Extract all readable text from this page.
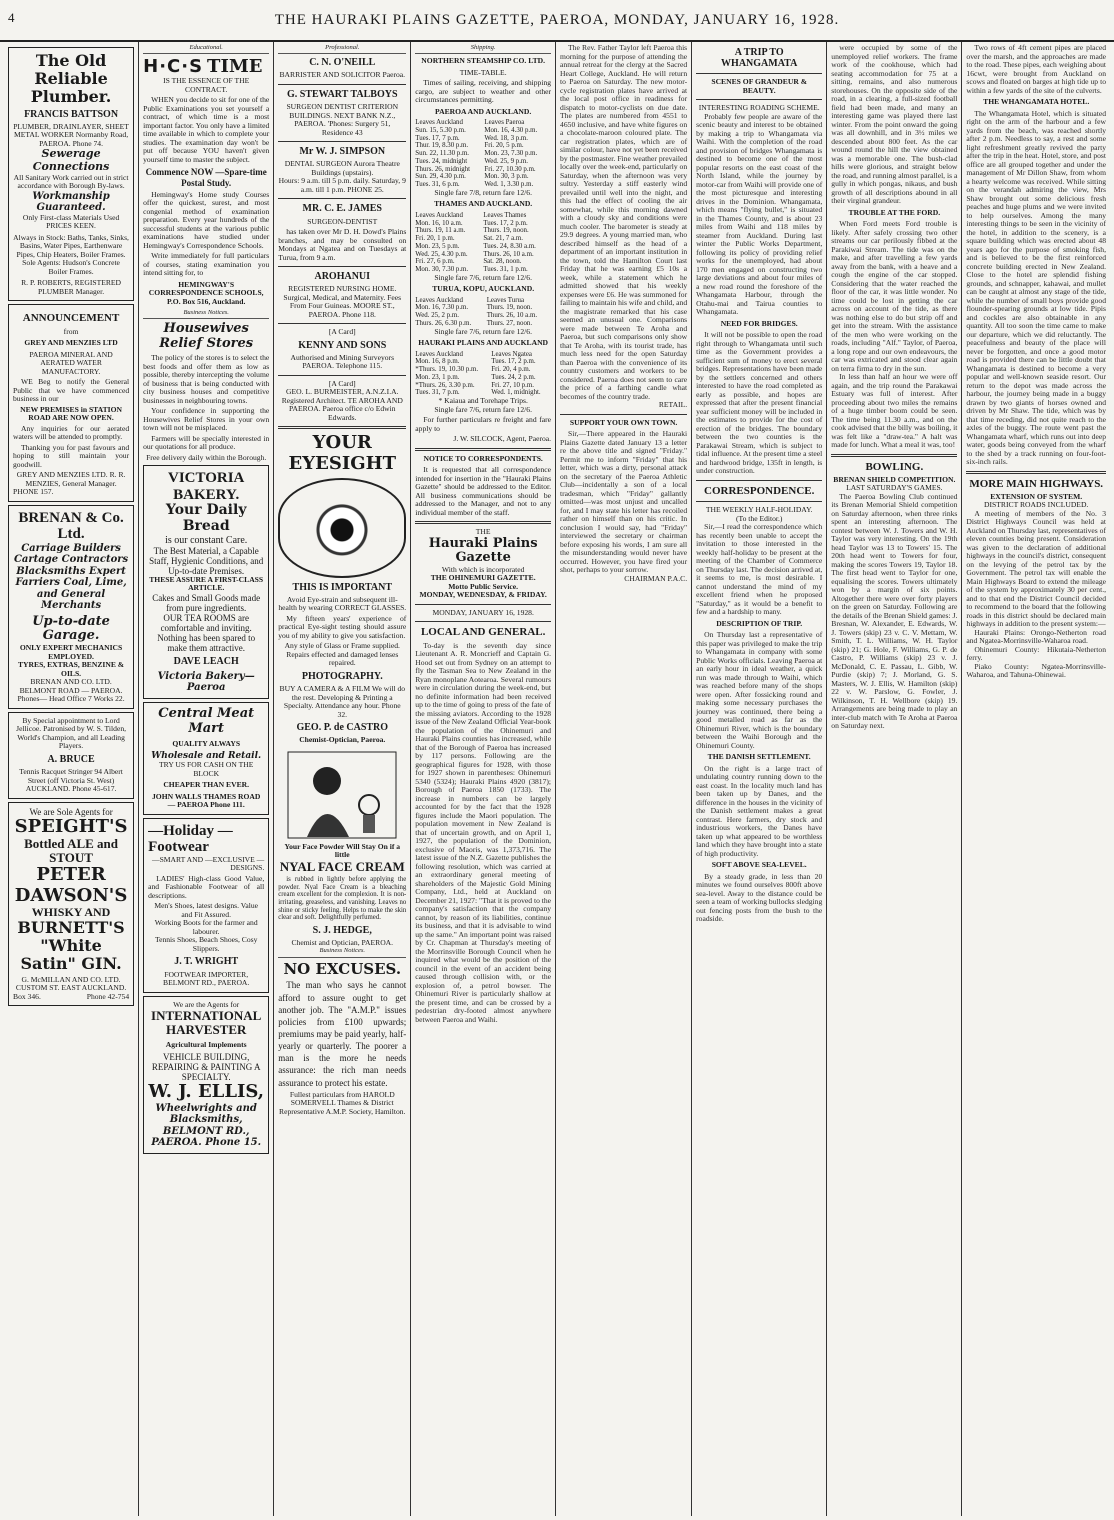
4	THE HAURAKI PLAINS GAZETTE, PAEROA, MONDAY, JANUARY 16, 1928.
The Old Reliable Plumber.
FRANCIS BATTSON
PLUMBER, DRAINLAYER, SHEET METAL WORKER Normanby Road, PAEROA. Phone 74.
Sewerage Connections
All Sanitary Work carried out in strict accordance with Borough By-laws.
Workmanship Guaranteed.
Only First-class Materials Used PRICES KEEN.
Always in Stock: Baths, Tanks, Sinks, Basins, Water Pipes, Earthenware Pipes, Chip Heaters, Boiler Frames. Sole Agents: Hudson's Concrete Boiler Frames.
R. P. ROBERTS, REGISTERED PLUMBER Manager.
ANNOUNCEMENT
from
GREY AND MENZIES LTD
PAEROA MINERAL AND AERATED WATER MANUFACTORY.
WE Beg to notify the General Public that we have commenced business in our
NEW PREMISES in STATION ROAD ARE NOW OPEN.
Any inquiries for our aerated waters will be attended to promptly.
Thanking you for past favours and hoping to still maintain your goodwill.
GREY AND MENZIES LTD. R. R. MENZIES, General Manager.
PHONE 157.
BRENAN & Co. Ltd.
Carriage Builders Cartage Contractors Blacksmiths Expert Farriers Coal, Lime, and General Merchants
Up-to-date Garage.
ONLY EXPERT MECHANICS EMPLOYED.
TYRES, EXTRAS, BENZINE & OILS.
BRENAN AND CO. LTD. BELMONT ROAD — PAEROA. Phones— Head Office 7 Works 22.
By Special appointment to Lord Jellicoe. Patronised by W. S. Tilden, World's Champion, and all Leading Players.
A. BRUCE
Tennis Racquet Stringer 94 Albert Street (off Victoria St. West) AUCKLAND. Phone 45-617.
We are Sole Agents for
SPEIGHT'S
Bottled ALE and STOUT
PETER DAWSON'S
WHISKY AND
BURNETT'S "White Satin" GIN.
G. McMILLAN AND CO. LTD. CUSTOM ST. EAST AUCKLAND.
Box 346.	Phone 42-754
Educational.
H·C·S TIME
IS THE ESSENCE OF THE CONTRACT.
WHEN you decide to sit for one of the Public Examinations you set yourself a contract, of which time is a most important factor. You only have a limited time available in which to complete your studies. The examination day won't be put off because YOU haven't given yourself time to master the subject.
Commence NOW —Spare-time Postal Study.
Hemingway's Home study Courses offer the quickest, surest, and most congenial method of examination preparation. Every year hundreds of the successful students at the various public examinations have studied under Hemingway's Correspondence Schools.
Write immediately for full particulars of courses, stating examination you intend sitting for, to
HEMINGWAY'S CORRESPONDENCE SCHOOLS, P.O. Box 516, Auckland.
Business Notices.
Housewives Relief Stores
The policy of the stores is to select the best foods and offer them as low as possible, thereby intercepting the volume of business that is being conducted with city business houses and competitive businesses in neighbouring towns.
Your confidence in supporting the Housewives Relief Stores in your own town will not be misplaced.
Farmers will be specially interested in our quotations for all produce.
Free delivery daily within the Borough.
VICTORIA BAKERY.
Your Daily Bread
is our constant Care.
The Best Material, a Capable Staff, Hygienic Conditions, and Up-to-date Premises.
THESE ASSURE A FIRST-CLASS ARTICLE.
Cakes and Small Goods made from pure ingredients.
OUR TEA ROOMS are comfortable and inviting. Nothing has been spared to make them attractive.
DAVE LEACH
Victoria Bakery—Paeroa
Central Meat Mart
QUALITY ALWAYS
Wholesale and Retail.
TRY US FOR CASH ON THE BLOCK
CHEAPER THAN EVER.
JOHN WALLS THAMES ROAD — PAEROA Phone 111.
—Holiday —Footwear
—SMART AND —EXCLUSIVE —DESIGNS.
LADIES' High-class Good Value, and Fashionable Footwear of all descriptions.
Men's Shoes, latest designs. Value and Fit Assured.
Working Boots for the farmer and labourer.
Tennis Shoes, Beach Shoes, Cosy Slippers.
J. T. WRIGHT
FOOTWEAR IMPORTER, BELMONT RD., PAEROA.
We are the Agents for
INTERNATIONAL HARVESTER
Agricultural Implements
VEHICLE BUILDING, REPAIRING & PAINTING A SPECIALTY.
W. J. ELLIS,
Wheelwrights and Blacksmiths, BELMONT RD., PAEROA. Phone 15.
Professional.
C. N. O'NEILL
BARRISTER AND SOLICITOR Paeroa.
G. STEWART TALBOYS
SURGEON DENTIST CRITERION BUILDINGS. NEXT BANK N.Z., PAEROA. 'Phones: Surgery 51, Residence 43
Mr W. J. SIMPSON
DENTAL SURGEON Aurora Theatre Buildings (upstairs).
Hours: 9 a.m. till 5 p.m. daily. Saturday, 9 a.m. till 1 p.m. PHONE 25.
MR. C. E. JAMES
SURGEON-DENTIST
has taken over Mr D. H. Dowd's Plains branches, and may be consulted on Mondays at Ngatea and on Tuesdays at Turua, from 9 a.m.
AROHANUI
REGISTERED NURSING HOME. Surgical, Medical, and Maternity. Fees From Four Guineas. MOORE ST., PAEROA. Phone 118.
[A Card]
KENNY AND SONS
Authorised and Mining Surveyors PAEROA. Telephone 115.
[A Card]
GEO. L. BURMEISTER, A.N.Z.I.A. Registered Architect. TE AROHA AND PAEROA. Paeroa office c/o Edwin Edwards.
YOUR EYESIGHT
THIS IS IMPORTANT
Avoid Eye-strain and subsequent ill-health by wearing CORRECT GLASSES.
My fifteen years' experience of practical Eye-sight testing should assure you of my ability to give you satisfaction.
Any style of Glass or Frame supplied. Repairs effected and damaged lenses repaired.
PHOTOGRAPHY.
BUY A CAMERA & A FILM We will do the rest. Developing & Printing a Specialty. Attendance any hour. Phone 32.
GEO. P. de CASTRO
Chemist-Optician, Paeroa.
Your Face Powder Will Stay On if a little
NYAL FACE CREAM
is rubbed in lightly before applying the powder. Nyal Face Cream is a bleaching cream excellent for the complexion. It is non-irritating, greaseless, and vanishing. Leaves no shine or sticky feeling. Helps to make the skin clear and soft. Delightfully perfumed.
S. J. HEDGE,
Chemist and Optician, PAEROA.
Business Notices.
NO EXCUSES.
The man who says he cannot afford to assure ought to get another job. The "A.M.P." issues policies from £100 upwards; premiums may be paid yearly, half-yearly or quarterly. The poorer a man is the more he needs assurance: the rich man needs assurance to protect his estate.
Fullest particulars from HAROLD SOMERVELL Thames & District Representative A.M.P. Society, Hamilton.
Shipping.
NORTHERN STEAMSHIP CO. LTD.
TIME-TABLE.
Times of sailing, receiving, and shipping cargo, are subject to weather and other circumstances permitting.
PAEROA AND AUCKLAND.
Leaves Auckland	Leaves Paeroa
Sun. 15, 5.30 p.m.	Mon. 16, 4.30 p.m.
Tues. 17, 7 p.m.	Wed. 18, 3 p.m.
Thur. 19, 8.30 p.m.	Fri. 20, 5 p.m.
Sun. 22, 11.30 p.m.	Mon. 23, 7.30 p.m.
Tues. 24, midnight	Wed. 25, 9 p.m.
Thurs. 26, midnight	Fri. 27, 10.30 p.m.
Sun. 29, 4.30 p.m.	Mon. 30, 3 p.m.
Tues. 31, 6 p.m.	Wed. 1, 3.30 p.m.
Single fare 7/8, return fare 12/6.
THAMES AND AUCKLAND.
Leaves Auckland	Leaves Thames
Mon. 16, 10 a.m.	Tues. 17, 2 p.m.
Thurs. 19, 11 a.m.	Thurs. 19, noon.
Fri. 20, 1 p.m.	Sat. 21, 7 a.m.
Mon. 23, 5 p.m.	Tues. 24, 8.30 a.m.
Wed. 25, 4.30 p.m.	Thurs. 26, 10 a.m.
Fri. 27, 6 p.m.	Sat. 28, noon.
Mon. 30, 7.30 p.m.	Tues. 31, 1 p.m.
Single fare 7/6, return fare 12/6.
TURUA, KOPU, AUCKLAND.
Leaves Auckland	Leaves Turua
Mon. 16, 7.30 p.m.	Thurs. 19, noon.
Wed. 25, 2 p.m.	Thurs. 26, 10 a.m.
Thurs. 26, 6.30 p.m.	Thurs. 27, noon.
Single fare 7/6, return fare 12/6.
HAURAKI PLAINS AND AUCKLAND
Leaves Auckland	Leaves Ngatea
Mon. 16, 8 p.m.	Tues. 17, 2 p.m.
*Thurs. 19, 10.30 p.m.	Fri. 20, 4 p.m.
Mon. 23, 1 p.m.	Tues. 24, 2 p.m.
*Thurs. 26, 3.30 p.m.	Fri. 27, 10 p.m.
Tues. 31, 7 p.m.	Wed. 1, midnight.
* Kaiaua and Torehape Trips.
Single fare 7/6, return fare 12/6.
For further particulars re freight and fare apply to
J. W. SILCOCK, Agent, Paeroa.
NOTICE TO CORRESPONDENTS.
It is requested that all correspondence intended for insertion in the "Hauraki Plains Gazette" should be addressed to the Editor. All business communications should be addressed to the Manager, and not to any individual member of the staff.
THE
Hauraki Plains Gazette
With which is incorporated
THE OHINEMURI GAZETTE.
Motto Public Service.
MONDAY, WEDNESDAY, & FRIDAY.
MONDAY, JANUARY 16, 1928.
LOCAL AND GENERAL.
To-day is the seventh day since Lieutenant A. R. Moncrieff and Captain G. Hood set out from Sydney on an attempt to fly the Tasman Sea to New Zealand in the Ryan monoplane Aotearoa. Several rumours were in circulation during the week-end, but no definite information had been received up to the time of going to press of the fate of the missing aviators. According to the 1928 issue of the New Zealand Official Year-book the population of the Ohinemuri and Hauraki Plains counties has increased, while that of the Borough of Paeroa has increased by 117 persons. Following are the geographical figures for 1928, with those for 1927 shown in parentheses: Ohinemuri 5340 (5324); Hauraki Plains 4920 (3817); Borough of Paeroa 1850 (1733). The increase in numbers can be largely accounted for by the fact that the 1928 figures include the Maori population. The population movement in New Zealand is that of uncertain growth, and on April 1, 1927, the population of the Dominion, exclusive of Maoris, was 1,373,716. The latest issue of the N.Z. Gazette publishes the following resolution, which was carried at an extraordinary general meeting of shareholders of the Majestic Gold Mining Company, Ltd., held at Auckland on December 21, 1927: "That it is proved to the company's satisfaction that the company cannot, by reason of its liabilities, continue its business, and that it is advisable to wind up the same." An important point was raised by Cr. Chapman at Thursday's meeting of the Morrinsville Borough Council when he inquired what would be the position of the council in the event of an accident being caused through collision with, or the explosion of, a petrol bowser. The Ohinemuri River is particularly shallow at the present time, and can be crossed by a pedestrian dry-footed almost anywhere between Paeroa and Waihi.
The Rev. Father Taylor left Paeroa this morning for the purpose of attending the annual retreat for the clergy at the Sacred Heart College, Auckland. He will return to Paeroa on Saturday. The new motor-cycle registration plates have arrived at the local post office in readiness for dispatch to motor-cyclists on due date. The plates are numbered from 4551 to 4650 inclusive, and have white figures on a chocolate-maroon coloured plate. The car registration plates, which are of similar colour, have not yet been received by the postmaster. Fine weather prevailed locally over the week-end, particularly on Saturday, when the afternoon was very sultry. Yesterday a stiff easterly wind prevailed until well into the night, and this had the effect of cooling the air somewhat, while this morning dawned with a cloudy sky and conditions were much cooler. The barometer is steady at 29.9 degrees. A young married man, who described himself as the head of a department of an important institution in the town, told the Hamilton Court last Friday that he was earning £5 10s a week, while a statement which he admitted showed that his weekly expenses were £6. He was summoned for failing to maintain his wife and child, and the magistrate remarked that his case seemed an unusual one. Comparisons were made between Te Aroha and Paeroa, but such comparisons only show that Te Aroha, with its tourist trade, has much less need for the open Saturday than Paeroa with the convenience of its country customers and workers to be considered. Paeroa does not seem to care the price of a farthing candle what becomes of the country trade.
RETAIL.
SUPPORT YOUR OWN TOWN.
Sir,—There appeared in the Hauraki Plains Gazette dated January 13 a letter re the above title and signed "Friday." Permit me to inform "Friday" that his letter, which was a dirty, personal attack on the secretary of the Paeroa Athletic Club—incidentally a son of a local tradesman, which "Friday" gallantly omitted—was most unjust and uncalled for, and I may state his letter has recoiled rather on himself than on his critic. In conclusion I would say, had "Friday" interviewed the secretary or chairman before exposing his words, I am sure all the misunderstanding would never have occurred. However, you have fired your shot, perhaps to your sorrow.
CHAIRMAN P.A.C.
A TRIP TO WHANGAMATA
SCENES OF GRANDEUR & BEAUTY.
INTERESTING ROADING SCHEME.
Probably few people are aware of the scenic beauty and interest to be obtained by making a trip to Whangamata via Waihi. With the completion of the road and provision of bridges Whangamata is destined to become one of the most popular resorts on the east coast of the North Island, while the journey by motor-car from Waihi will provide one of the most picturesque and interesting drives in the Dominion. Whangamata, which means "flying bullet," is situated in the Thames County, and is about 23 miles from Waihi and 118 miles by steamer from Auckland. During last winter the Public Works Department, following its policy of providing relief works for the unemployed, had about 170 men engaged on constructing two large deviations and about four miles of a new road round the foreshore of the Whangamata Harbour, through the Otahu-mai and Tairua counties to Whangamata.
NEED FOR BRIDGES.
It will not be possible to open the road right through to Whangamata until such time as the Government provides a sufficient sum of money to erect several bridges. Representations have been made by the settlers concerned and others interested to have the road completed as early as possible, and hopes are expressed that after the present financial year sufficient money will be included in the estimates to provide for the cost of erection of the bridges. The boundary between the two counties is the Parakawai Stream, which is subject to tidal influence. At the present time a steel and hardwood bridge, 135ft in length, is under construction.
CORRESPONDENCE.
THE WEEKLY HALF-HOLIDAY.
(To the Editor.)
Sir,—I read the correspondence which has recently been unable to accept the invitation to those interested in the weekly half-holiday to be present at the meeting of the Chamber of Commerce on Thursday last. The decision arrived at, it seems to me, is most desirable. I cannot understand the mind of my excellent friend when he proposed "Saturday," as it would be a benefit to few and a hardship to many.
DESCRIPTION OF TRIP.
On Thursday last a representative of this paper was privileged to make the trip to Whangamata in company with some Public Works officials. Leaving Paeroa at an early hour in ideal weather, a quick run was made through to Waihi, which was reached before many of the shops were open. After fossicking round and making some necessary purchases the journey was continued, there being a good metalled road as far as the Ohinemuri River, which is the boundary between the Waihi Borough and the Ohinemuri County.
THE DANISH SETTLEMENT.
On the right is a large tract of undulating country running down to the east coast. In the locality much land has been taken up by Danes, and the difference in the houses in the vicinity of the Danish settlement makes a great contrast. Here farmers, dry stock and industrious workers, the Danes have taken up what appeared to be worthless land which they have brought into a state of high productivity.
SOFT ABOVE SEA-LEVEL.
By a steady grade, in less than 20 minutes we found ourselves 800ft above sea-level. Away to the distance could be seen a team of working bullocks sledging out fencing posts from the bush to the roadside.
were occupied by some of the unemployed relief workers. The frame work of the cookhouse, which had seating accommodation for 75 at a sitting, remains, and also numerous storehouses. On the opposite side of the road, in a clearing, a full-sized football field had been made, and many an interesting game was played there last winter. From the point onward the going was all downhill, and in 3½ miles we descended about 800 feet. As the car wound round the hill the view obtained was a memorable one. The bush-clad hills were glorious, and straight below the road, and running almost parallel, is a gully in which pongas, nikaus, and bush growth of all descriptions abound in all their virginal grandeur.
TROUBLE AT THE FORD.
When Ford meets Ford trouble is likely. After safely crossing two other streams our car perilously fibbed at the Parakiwai Stream. The tide was on the make, and after travelling a few yards away from the bank, with a heave and a cough the engine of the car stopped. Considering that the water reached the floor of the car, it was little wonder. No time could be lost in getting the car across on account of the tide, as there was nothing else to do but strip off and get into the stream. With the assistance of the men who were working on the roads, including "Alf." Taylor, of Paeroa, a long rope and our own endeavours, the car was extricated and stood clear again on terra firma to dry in the sun.
In less than half an hour we were off again, and the trip round the Parakawai Estuary was full of interest. After proceeding about two miles the remains of a huge timber boom could be seen. The time being 11.30 a.m., and on the cook advised that the billy was boiling, it was felt like a "draw-tea." A halt was made for lunch. What a meal it was, too!
BOWLING.
BRENAN SHIELD COMPETITION.
LAST SATURDAY'S GAMES.
The Paeroa Bowling Club continued its Brenan Memorial Shield competition on Saturday afternoon, when three rinks spent an interesting afternoon. The contest between W. J. Towers and W. H. Taylor was very interesting. On the 19th head Taylor was 13 to Towers' 15. The 20th head went to Towers for four, making the scores Towers 19, Taylor 18. The first head went to Taylor for one, equalising the scores. Towers ultimately won by a margin of six points. Altogether there were over forty players on the green on Saturday. Following are the details of the Brenan Shield games: J. Bresnan, W. Alexander, E. Edwards, W. J. Towers (skip) 23 v. C. V. Mettam, W. Smith, T. L. Williams, W. H. Taylor (skip) 21; G. Hole, F. Williams, G. P. de Castro, P. Williams (skip) 23 v. J. McDonald, C. E. Passau, L. Gibb, W. Purdie (skip) 7; J. Morland, G. S. Masters, W. J. Ellis, W. Hamilton (skip) 22 v. W. Parslow, G. Fowler, J. Wilkinson, T. H. Wellbore (skip) 19. Arrangements are being made to play an inter-club match with Te Aroha at Paeroa on Saturday next.
Two rows of 4ft cement pipes are placed over the marsh, and the approaches are made to the road. These pipes, each weighing about 16cwt, were brought from Auckland on scows and floated on barges at high tide up to within a few yards of the site of the culverts.
THE WHANGAMATA HOTEL.
The Whangamata Hotel, which is situated right on the arm of the harbour and a few yards from the beach, was reached shortly after 2 p.m. Needless to say, a rest and some light refreshment greatly revived the party after the trip in the heat. Hotel, store, and post office are all grouped together and under the management of Mr Dillon Shaw, from whom a hearty welcome was received. While sitting on the verandah admiring the view, Mrs Shaw brought out some delicious fresh peaches and huge plums and we were invited to help ourselves. Among the many interesting things to be seen in the vicinity of the hotel, in addition to the scenery, is a square building which was erected about 48 years ago for the purpose of smoking fish, and is believed to be the first reinforced concrete building erected in New Zealand. Close to the hotel are splendid fishing grounds, and schnapper, kahawai, and mullet can be caught at almost any stage of the tide, while the number of small boys provide good flounder-spearing grounds at low tide. Pipis and cockles are also obtainable in any quantity. All too soon the time came to make our departure, which we did reluctantly. The peacefulness and beauty of the place will never be forgotten, and once a good motor road is provided there can be little doubt that Whangamata is destined to become a very popular and well-known seaside resort. Our return to the depot was made across the harbour, the journey being made in a buggy drawn by two giants of horses owned and driven by Mr Shaw. The tide, which was by that time receding, did not quite reach to the axles of the buggy. The route went past the Whangamata wharf, which runs out into deep water, goods being conveyed from the wharf to the shed by a track running on four-foot-six-inch rails.
MORE MAIN HIGHWAYS.
EXTENSION OF SYSTEM.
DISTRICT ROADS INCLUDED.
A meeting of members of the No. 3 District Highways Council was held at Auckland on Thursday last, representatives of eleven counties being present. Consideration was given to the declaration of additional highways in the council's district, consequent on the levying of the petrol tax by the Government. The petrol tax will enable the Main Highways Board to extend the mileage of the system by approximately 30 per cent., and to that end the District Council decided to recommend to the board that the following roads in this district should be declared main highways in addition to the present system:—
Hauraki Plains: Orongo-Netherton road and Ngatea-Morrinsville-Waharoa road.
Ohinemuri County: Hikutaia-Netherton ferry.
Piako County: Ngatea-Morrinsville-Waharoa, and Tahuna-Ohinewai.
